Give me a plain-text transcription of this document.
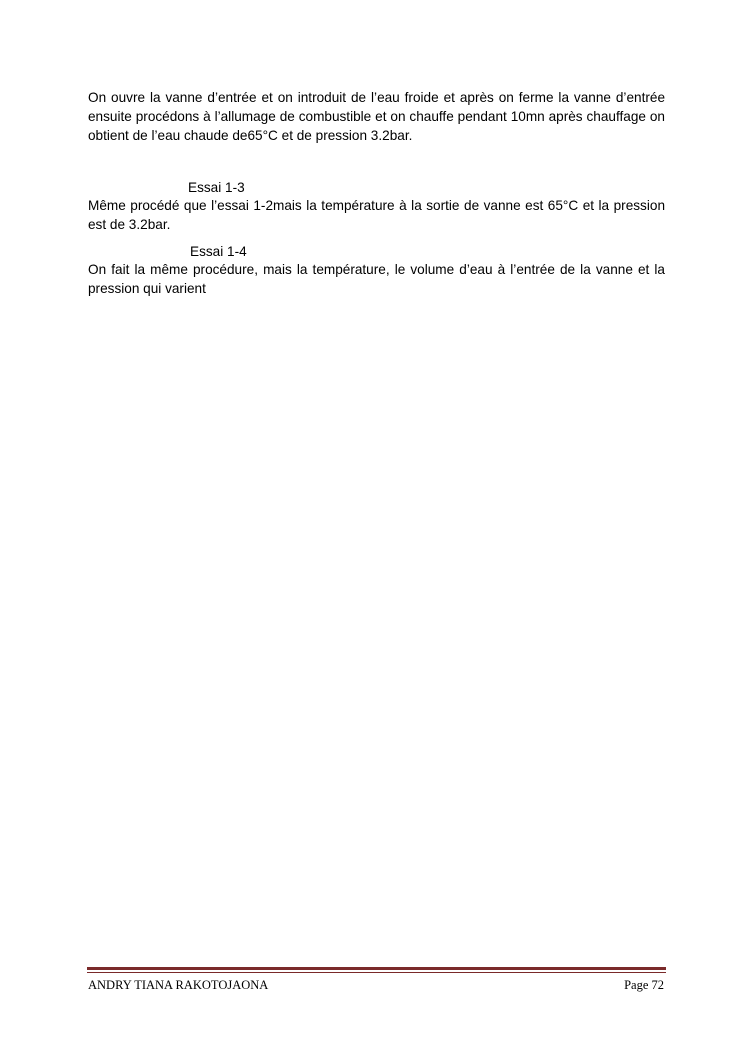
On ouvre la vanne d’entrée et on introduit de l’eau froide et après on ferme la vanne d’entrée ensuite procédons à l’allumage de combustible et on chauffe pendant 10mn après chauffage on obtient de l’eau chaude de65°C et de pression 3.2bar.

Essai 1-3

Même procédé que l’essai 1-2mais la température à la sortie de vanne est 65°C et la pression est de 3.2bar.

Essai 1-4

On fait la même procédure, mais la température, le volume d’eau à l’entrée de la vanne et la pression qui varient

ANDRY TIANA RAKOTOJAONA	Page 72
